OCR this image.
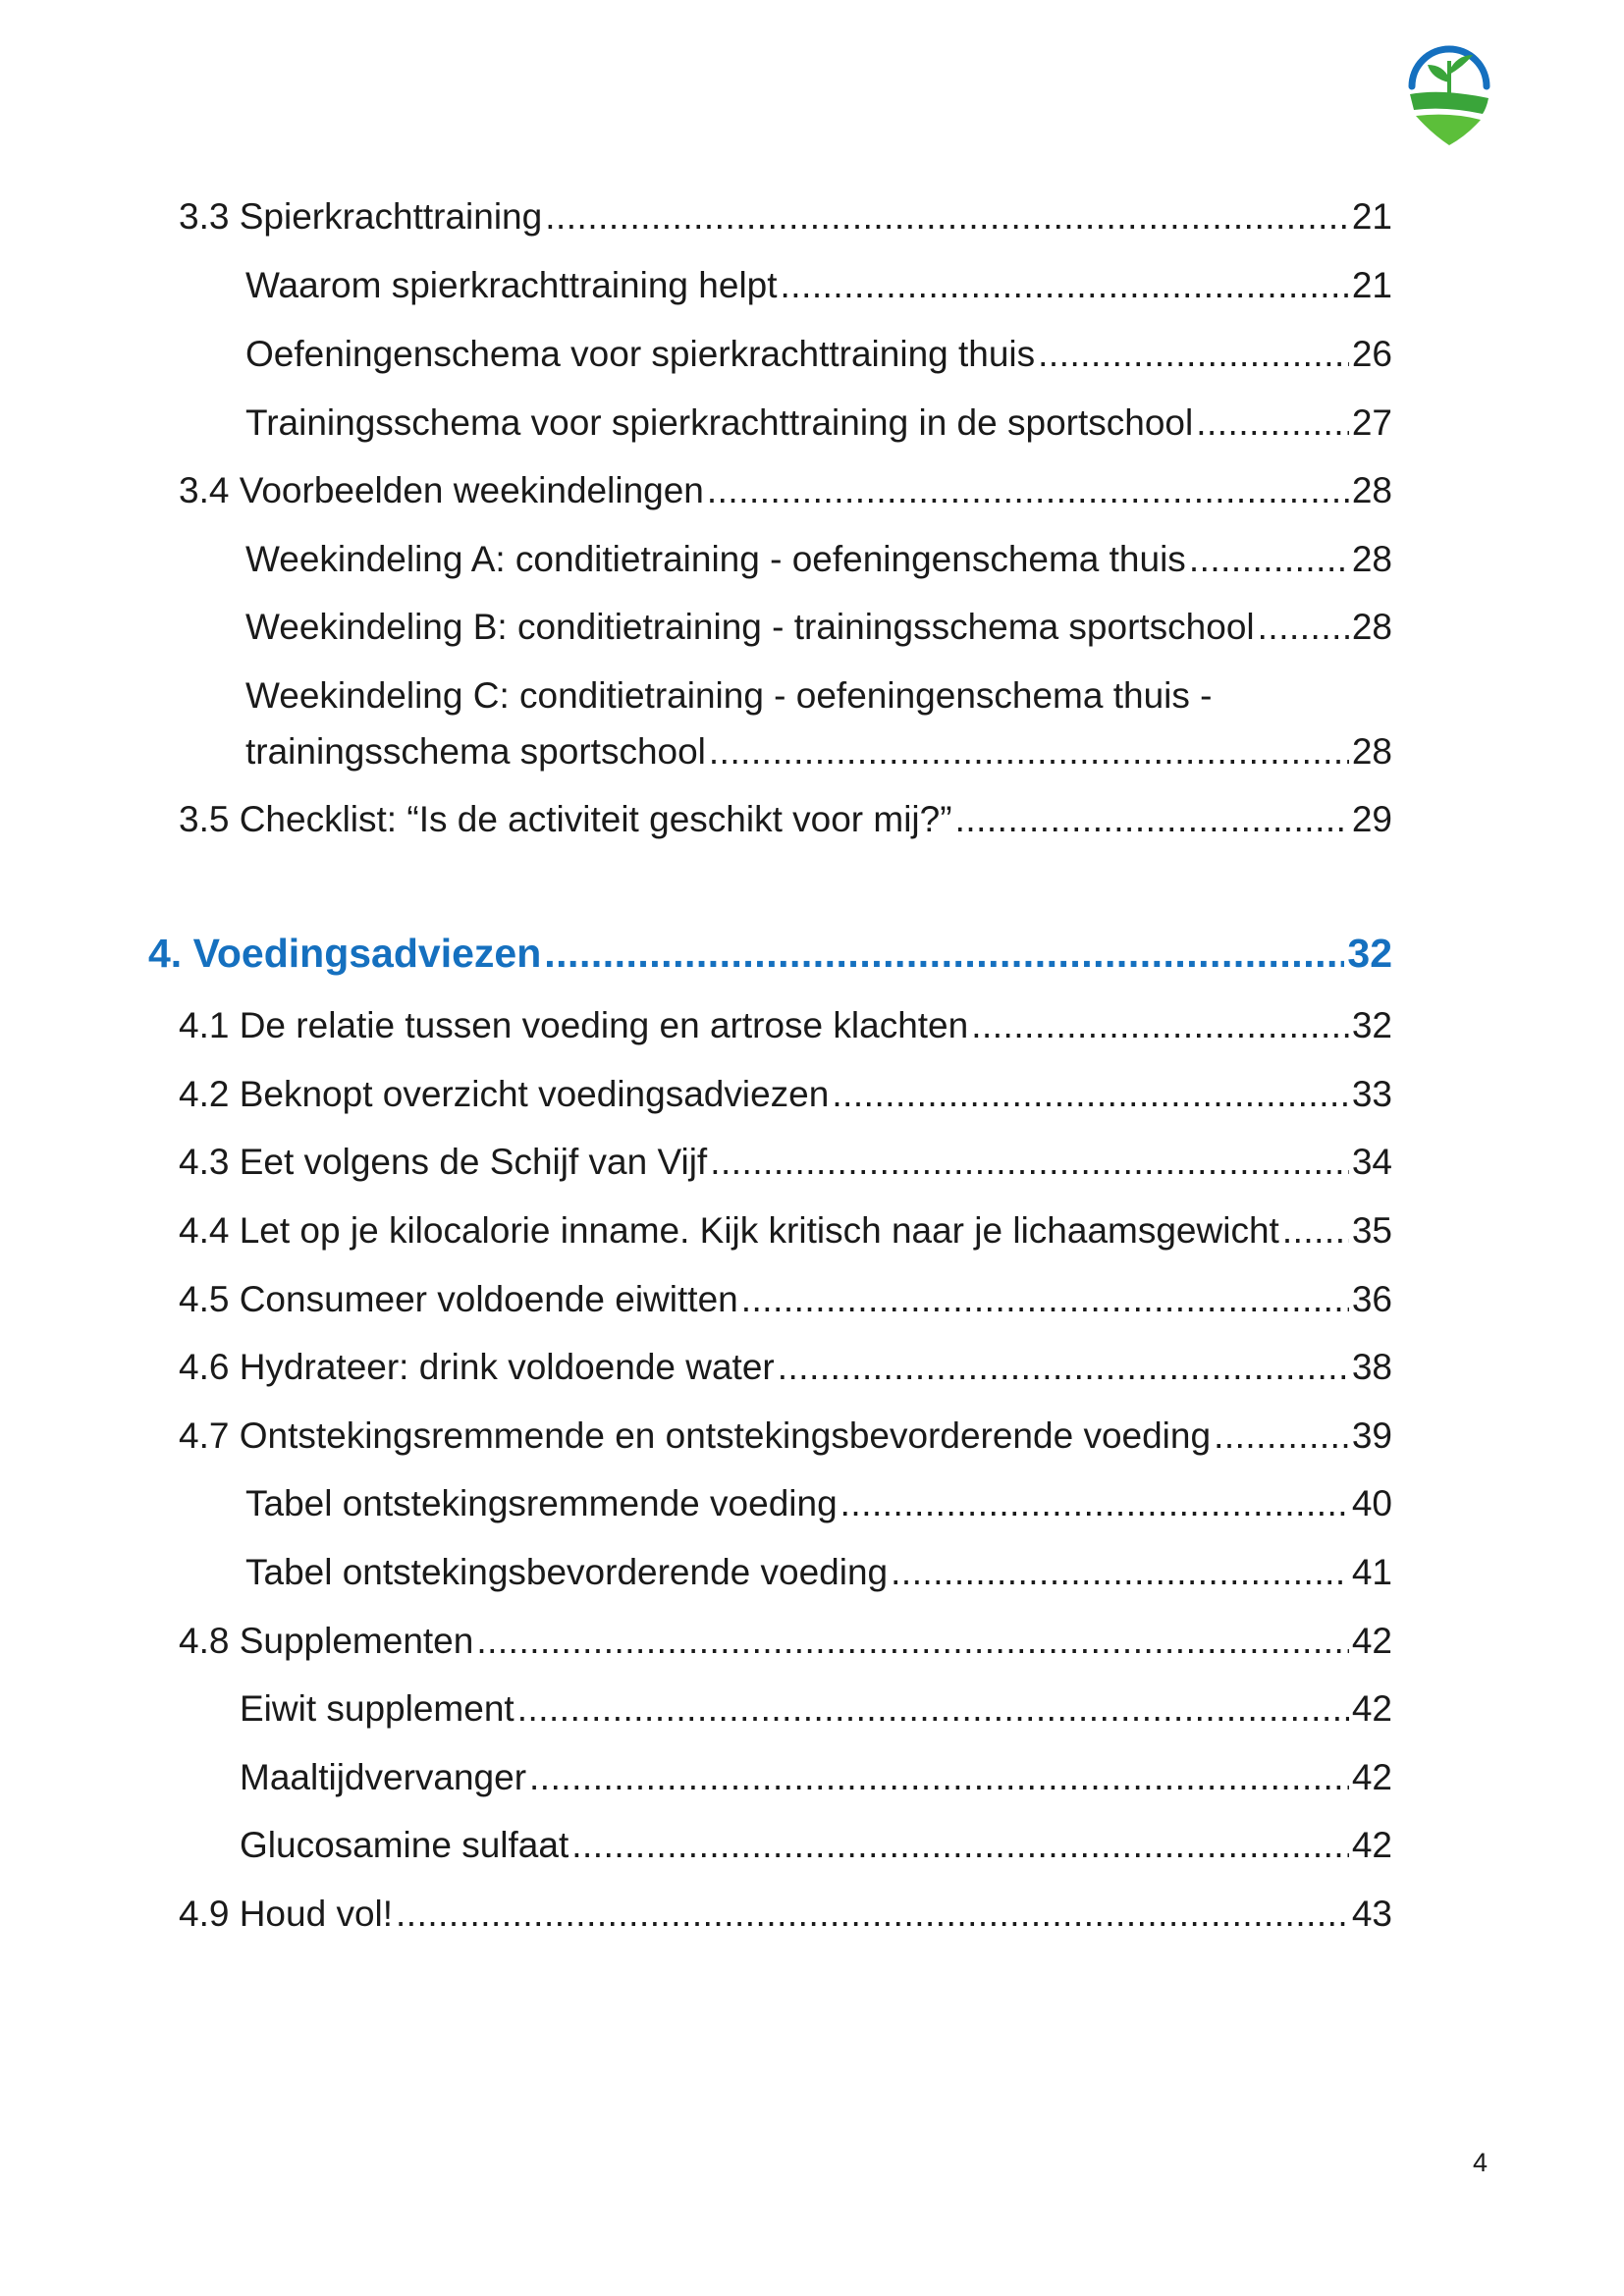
3.3 Spierkrachttraining .....	21
Waarom spierkrachttraining helpt .....	21
Oefeningenschema voor spierkrachttraining thuis .....	26
Trainingsschema voor spierkrachttraining in de sportschool .....	27
3.4 Voorbeelden weekindelingen .....	28
Weekindeling A: conditietraining - oefeningenschema thuis .....	28
Weekindeling B: conditietraining - trainingsschema sportschool .....	28
Weekindeling C: conditietraining - oefeningenschema thuis -
trainingsschema sportschool .....	28
3.5 Checklist: “Is de activiteit geschikt voor mij?” .....	29
4. Voedingsadviezen .....	32
4.1 De relatie tussen voeding en artrose klachten .....	32
4.2 Beknopt overzicht voedingsadviezen .....	33
4.3 Eet volgens de Schijf van Vijf .....	34
4.4 Let op je kilocalorie inname. Kijk kritisch naar je lichaamsgewicht ..... 35
4.5 Consumeer voldoende eiwitten .....	36
4.6 Hydrateer: drink voldoende water .....	38
4.7 Ontstekingsremmende en ontstekingsbevorderende voeding .....	39
Tabel ontstekingsremmende voeding .....	40
Tabel ontstekingsbevorderende voeding .....	41
4.8 Supplementen .....	42
Eiwit supplement .....	42
Maaltijdvervanger .....	42
Glucosamine sulfaat .....	42
4.9 Houd vol! .....	43
4
